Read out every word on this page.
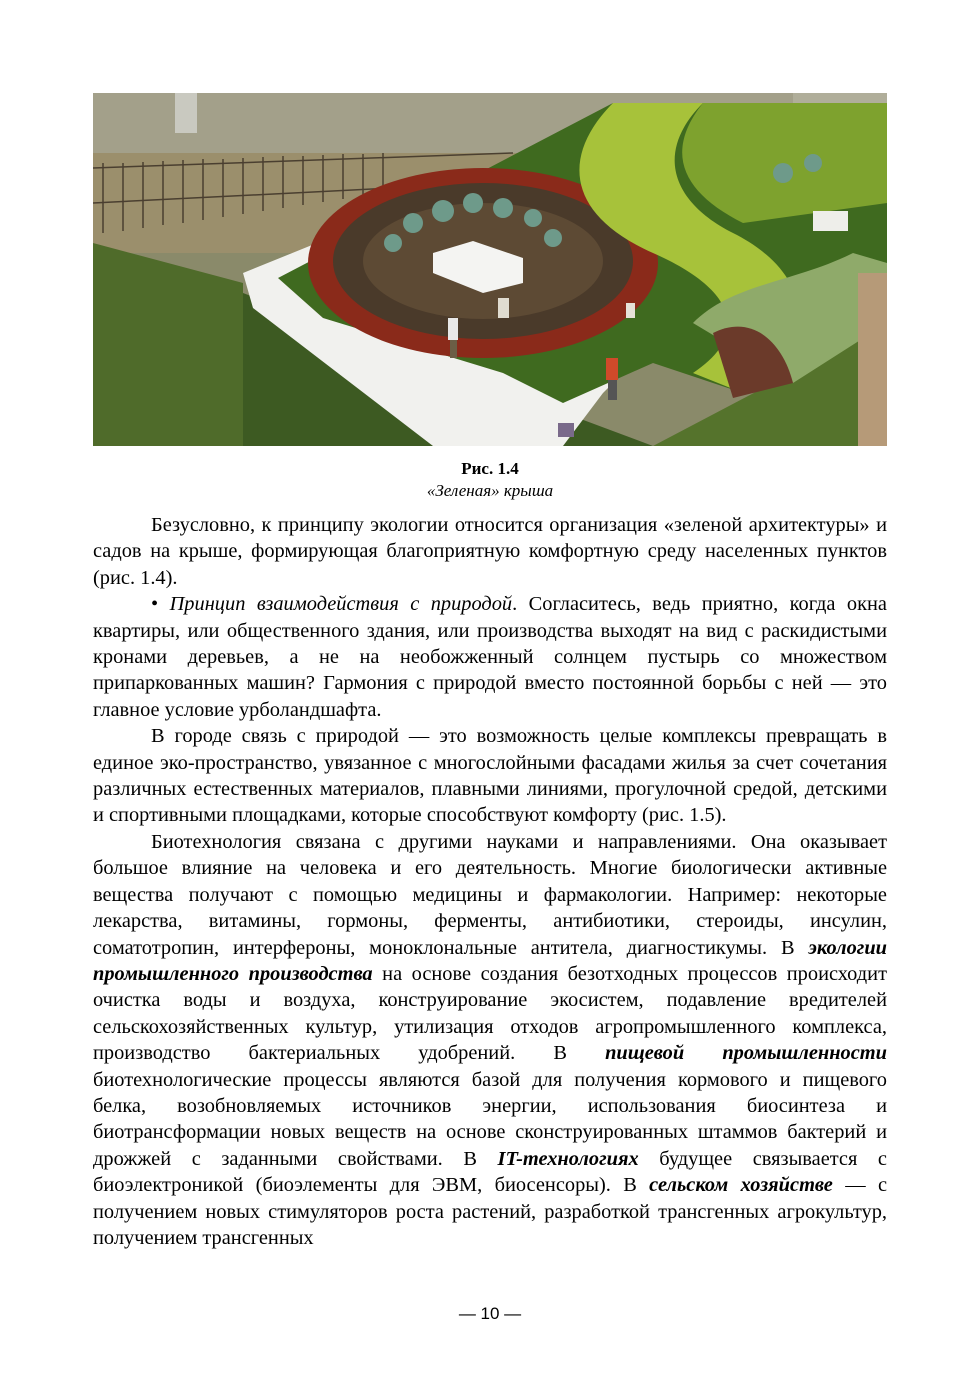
Рис. 1.4
«Зеленая» крыша

Безусловно, к принципу экологии относится организация «зеленой архитектуры» и садов на крыше, формирующая благоприятную комфортную среду населенных пунктов (рис. 1.4).

• Принцип взаимодействия с природой. Согласитесь, ведь приятно, когда окна квартиры, или общественного здания, или производства выходят на вид с раскидистыми кронами деревьев, а не на необожженный солнцем пустырь со множеством припаркованных машин? Гармония с природой вместо постоянной борьбы с ней — это главное условие урболандшафта.

В городе связь с природой — это возможность целые комплексы превращать в единое эко-пространство, увязанное с многослойными фасадами жилья за счет сочетания различных естественных материалов, плавными линиями, прогулочной средой, детскими и спортивными площадками, которые способствуют комфорту (рис. 1.5).

Биотехнология связана с другими науками и направлениями. Она оказывает большое влияние на человека и его деятельность. Многие биологически активные вещества получают с помощью медицины и фармакологии. Например: некоторые лекарства, витамины, гормоны, ферменты, антибиотики, стероиды, инсулин, соматотропин, интерфероны, моноклональные антитела, диагностикумы. В экологии промышленного производства на основе создания безотходных процессов происходит очистка воды и воздуха, конструирование экосистем, подавление вредителей сельскохозяйственных культур, утилизация отходов агропромышленного комплекса, производство бактериальных удобрений. В пищевой промышленности биотехнологические процессы являются базой для получения кормового и пищевого белка, возобновляемых источников энергии, использования биосинтеза и биотрансформации новых веществ на основе сконструированных штаммов бактерий и дрожжей с заданными свойствами. В IT-технологиях будущее связывается с биоэлектроникой (биоэлементы для ЭВМ, биосенсоры). В сельском хозяйстве — с получением новых стимуляторов роста растений, разработкой трансгенных агрокультур, получением трансгенных

— 10 —
